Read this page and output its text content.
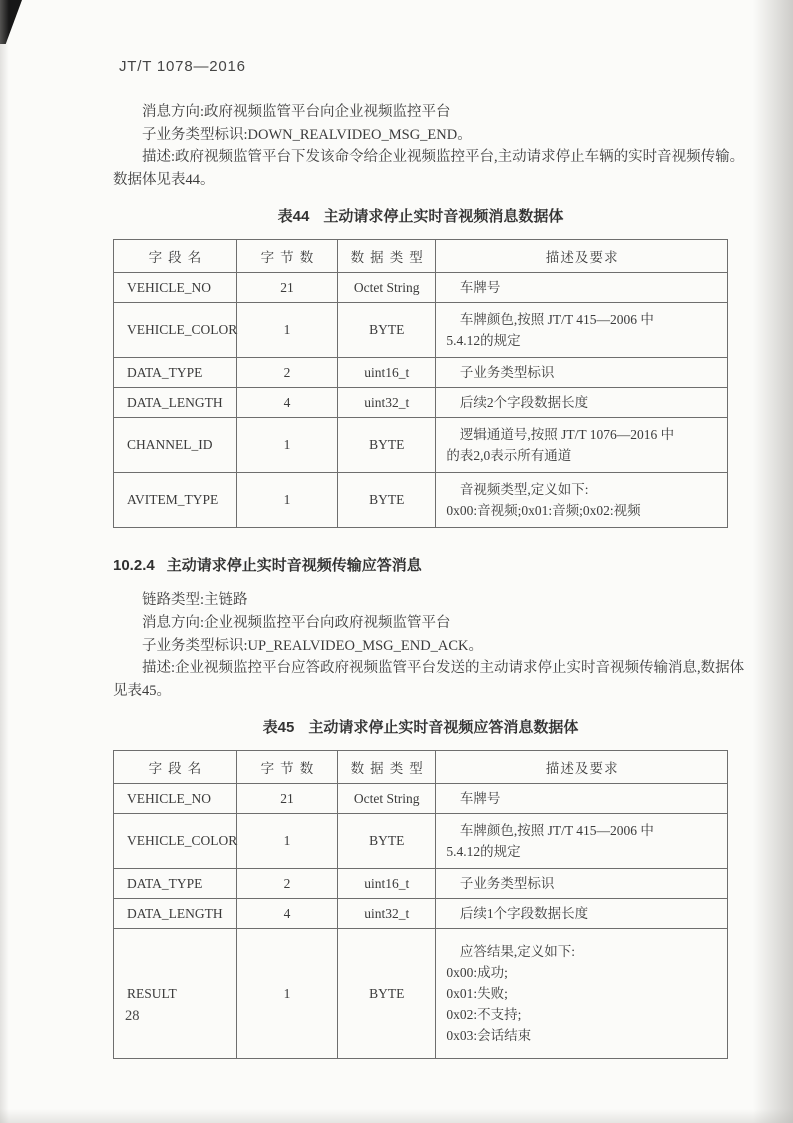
JT/T 1078—2016
消息方向:政府视频监管平台向企业视频监控平台
子业务类型标识:DOWN_REALVIDEO_MSG_END。
描述:政府视频监管平台下发该命令给企业视频监控平台,主动请求停止车辆的实时音视频传输。
数据体见表44。
表44 主动请求停止实时音视频消息数据体
字段名	字节数	数据类型	描述及要求
VEHICLE_NO	21	Octet String	车牌号

VEHICLE_COLOR	1	BYTE	车牌颜色,按照 JT/T 415—2006 中
5.4.12的规定

DATA_TYPE	2	uint16_t	子业务类型标识

DATA_LENGTH	4	uint32_t	后续2个字段数据长度

CHANNEL_ID	1	BYTE	逻辑通道号,按照 JT/T 1076—2016 中
的表2,0表示所有通道

AVITEM_TYPE	1	BYTE	音视频类型,定义如下:
0x00:音视频;0x01:音频;0x02:视频
10.2.4 主动请求停止实时音视频传输应答消息
链路类型:主链路
消息方向:企业视频监控平台向政府视频监管平台
子业务类型标识:UP_REALVIDEO_MSG_END_ACK。
描述:企业视频监控平台应答政府视频监管平台发送的主动请求停止实时音视频传输消息,数据体
见表45。
表45 主动请求停止实时音视频应答消息数据体
字段名	字节数	数据类型	描述及要求
VEHICLE_NO	21	Octet String	车牌号

VEHICLE_COLOR	1	BYTE	车牌颜色,按照 JT/T 415—2006 中
5.4.12的规定

DATA_TYPE	2	uint16_t	子业务类型标识

DATA_LENGTH	4	uint32_t	后续1个字段数据长度

RESULT	1	BYTE	应答结果,定义如下:
0x00:成功;
0x01:失败;
0x02:不支持;
0x03:会话结束
28
